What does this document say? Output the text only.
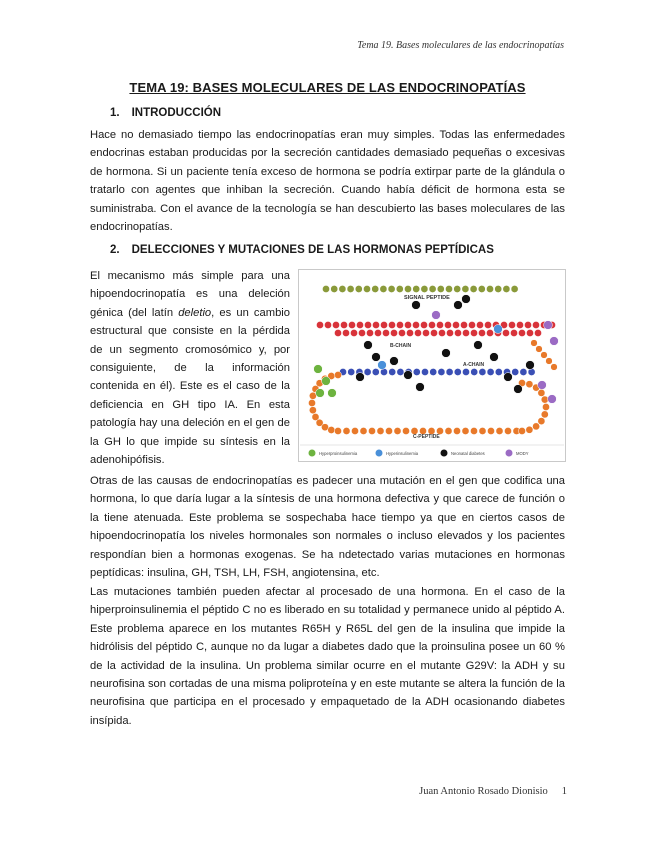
Tema 19. Bases moleculares de las endocrinopatías
TEMA 19: BASES MOLECULARES DE LAS ENDOCRINOPATÍAS
1. INTRODUCCIÓN

Hace no demasiado tiempo las endocrinopatías eran muy simples. Todas las enfermedades endocrinas estaban producidas por la secreción cantidades demasiado pequeñas o excesivas de hormona. Si un paciente tenía exceso de hormona se podría extirpar parte de la glándula o tratarlo con agentes que inhiban la secreción. Cuando había déficit de hormona esta se suministraba. Con el avance de la tecnología se han descubierto las bases moleculares de las endocrinopatías.

2. DELECCIONES Y MUTACIONES DE LAS HORMONAS PEPTÍDICAS

El mecanismo más simple para una hipoendocrinopatía es una deleción génica (del latín deletio, es un cambio estructural que consiste en la pérdida de un segmento cromosómico y, por consiguiente, de la información contenida en él). Este es el caso de la deficiencia en GH tipo IA. En esta patología hay una deleción en el gen de la GH lo que impide su síntesis en la adenohipófisis.

SIGNAL PEPTIDE
B-CHAIN
A-CHAIN
C-PEPTIDE
Hyperproinsulinemia	Hyperinsulinemia	Neonatal diabetes	MODY

Otras de las causas de endocrinopatías es padecer una mutación en el gen que codifica una hormona, lo que daría lugar a la síntesis de una hormona defectiva y que carece de función o la tiene atenuada. Este problema se sospechaba hace tiempo ya que en ciertos casos de hipoendocrinopatía los niveles hormonales son normales o incluso elevados y los pacientes respondían bien a hormonas exogenas. Se ha ndetectado varias mutaciones en hormonas peptídicas: insulina, GH, TSH, LH, FSH, angiotensina, etc.

Las mutaciones también pueden afectar al procesado de una hormona. En el caso de la hiperproinsulinemia el péptido C no es liberado en su totalidad y permanece unido al péptido A. Este problema aparece en los mutantes R65H y R65L del gen de la insulina que impide la hidrólisis del péptido C, aunque no da lugar a diabetes dado que la proinsulina posee un 60 % de la actividad de la insulina. Un problema similar ocurre en el mutante G29V: la ADH y su neurofisina son cortadas de una misma poliproteína y en este mutante se altera la función de la neurofisina que participa en el procesado y empaquetado de la ADH ocasionando diabetes insípida.

Juan Antonio Rosado Dionisio 1
